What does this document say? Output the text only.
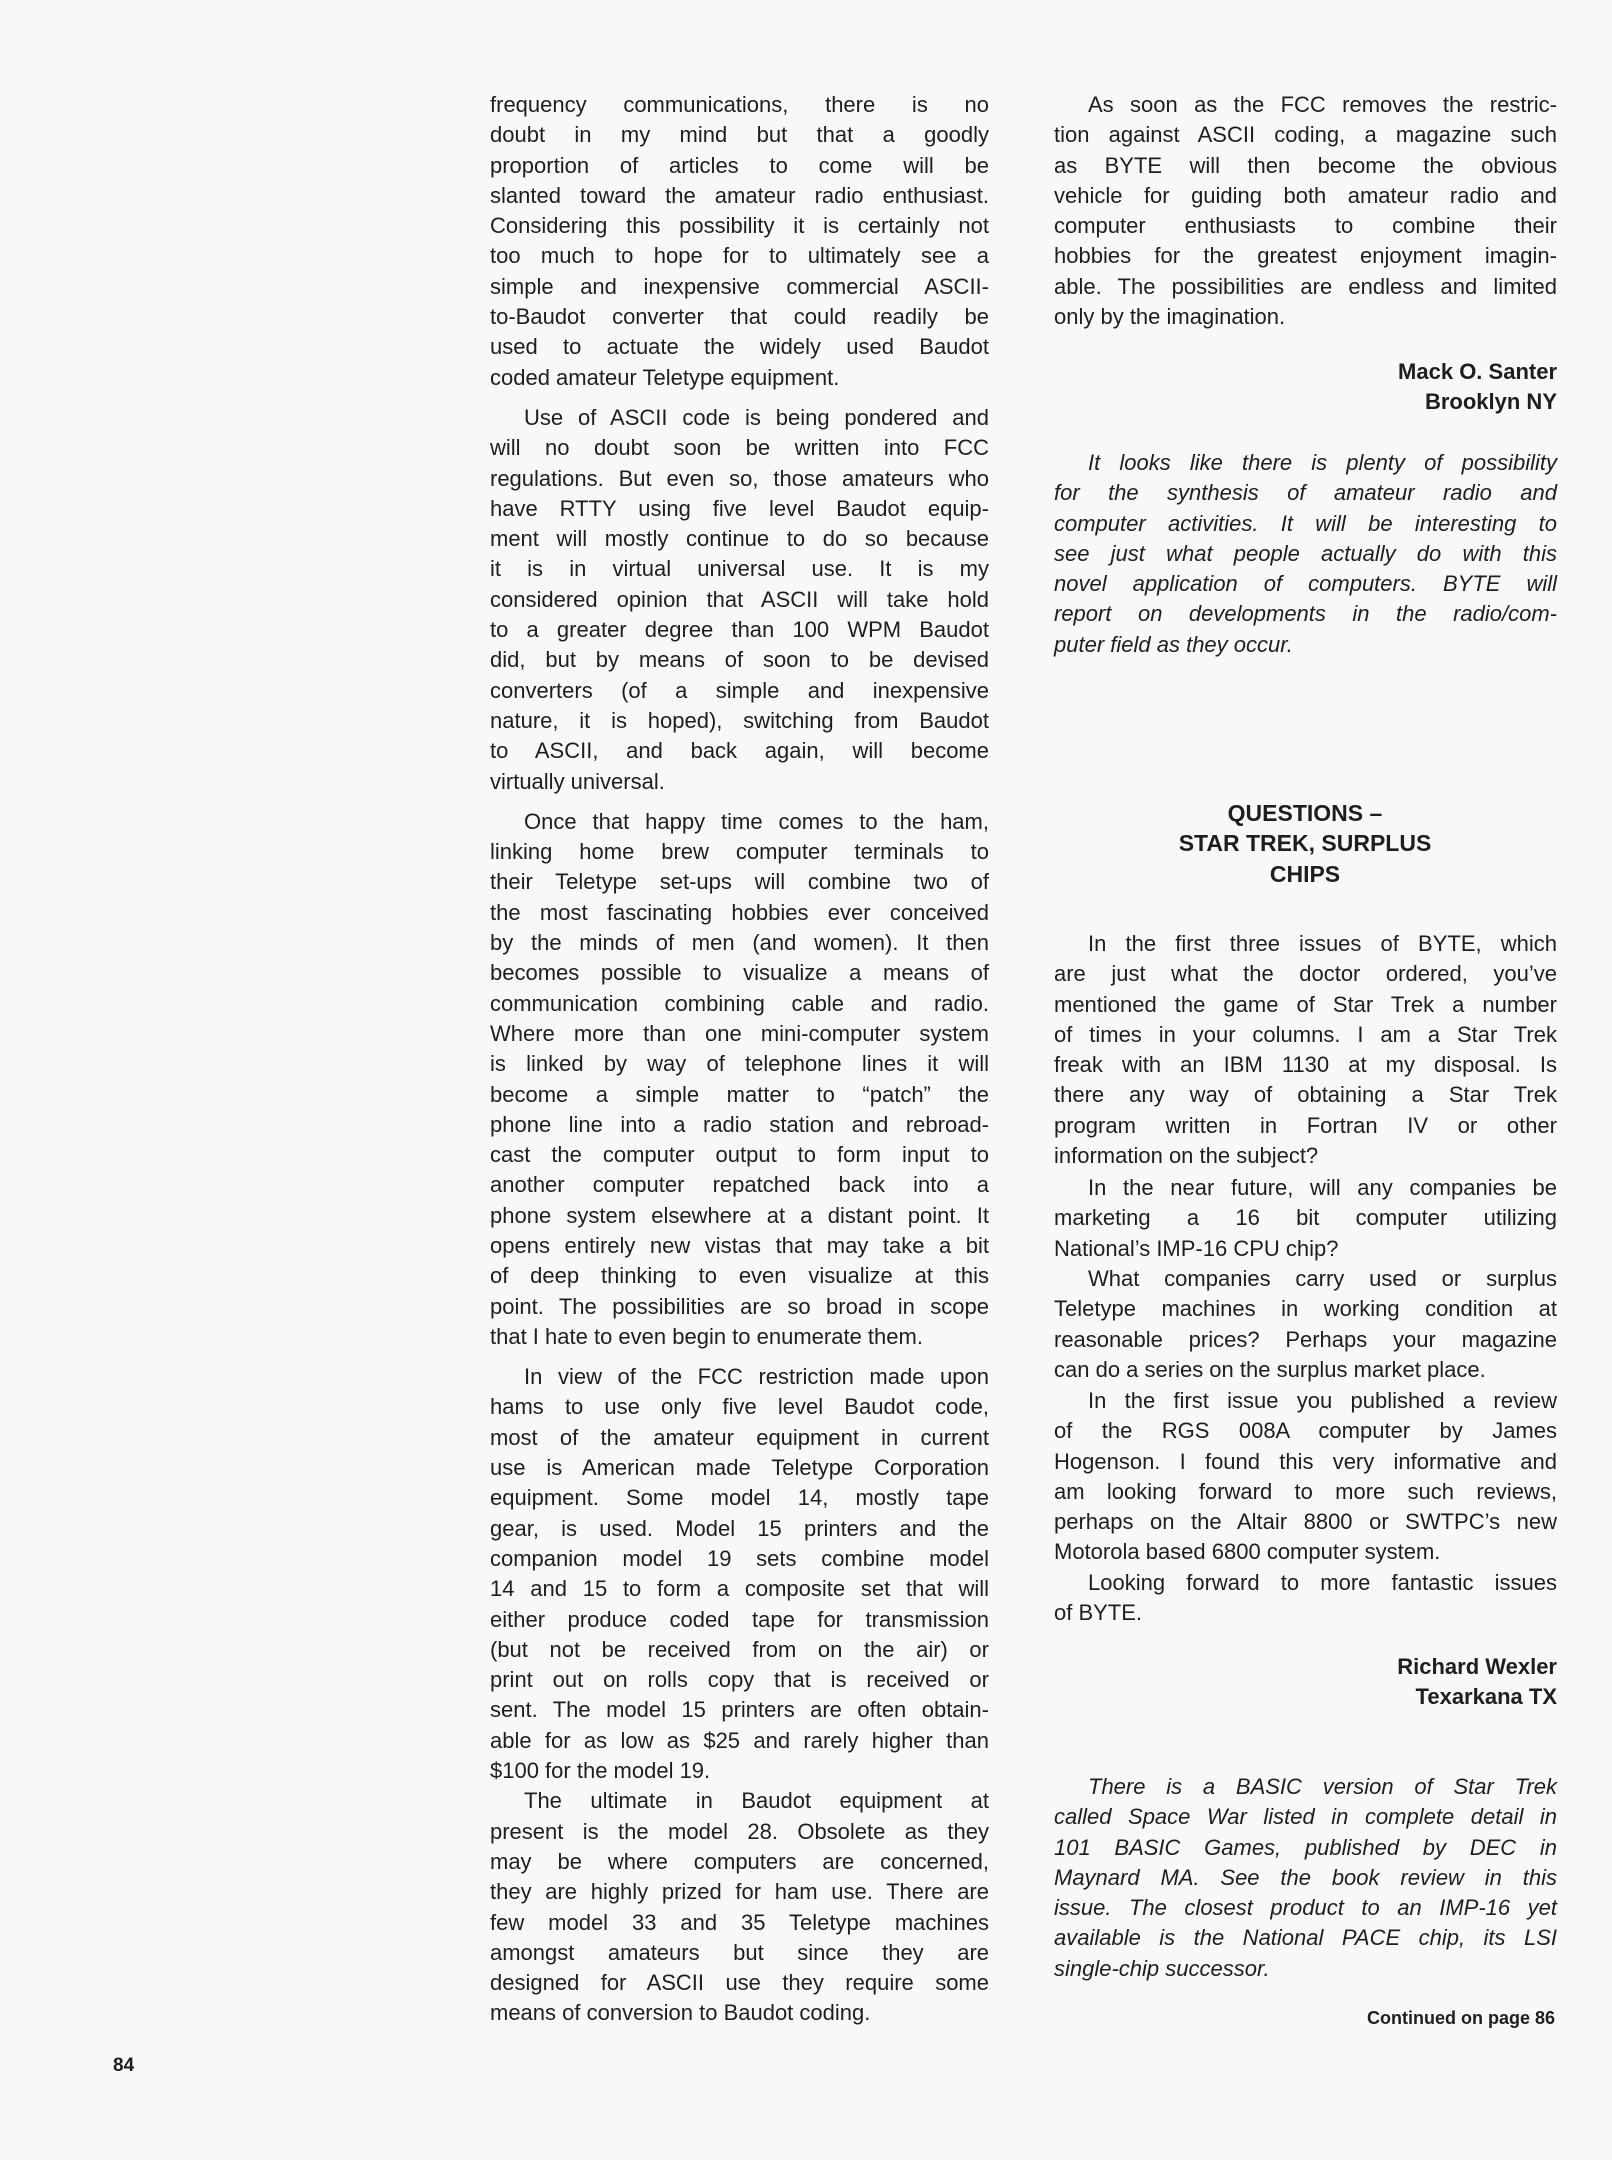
frequency communications, there is no
doubt in my mind but that a goodly
proportion of articles to come will be
slanted toward the amateur radio enthusiast.
Considering this possibility it is certainly not
too much to hope for to ultimately see a
simple and inexpensive commercial ASCII-
to-Baudot converter that could readily be
used to actuate the widely used Baudot
coded amateur Teletype equipment.
Use of ASCII code is being pondered and
will no doubt soon be written into FCC
regulations. But even so, those amateurs who
have RTTY using five level Baudot equip-
ment will mostly continue to do so because
it is in virtual universal use. It is my
considered opinion that ASCII will take hold
to a greater degree than 100 WPM Baudot
did, but by means of soon to be devised
converters (of a simple and inexpensive
nature, it is hoped), switching from Baudot
to ASCII, and back again, will become
virtually universal.
Once that happy time comes to the ham,
linking home brew computer terminals to
their Teletype set-ups will combine two of
the most fascinating hobbies ever conceived
by the minds of men (and women). It then
becomes possible to visualize a means of
communication combining cable and radio.
Where more than one mini-computer system
is linked by way of telephone lines it will
become a simple matter to “patch” the
phone line into a radio station and rebroad-
cast the computer output to form input to
another computer repatched back into a
phone system elsewhere at a distant point. It
opens entirely new vistas that may take a bit
of deep thinking to even visualize at this
point. The possibilities are so broad in scope
that I hate to even begin to enumerate them.
In view of the FCC restriction made upon
hams to use only five level Baudot code,
most of the amateur equipment in current
use is American made Teletype Corporation
equipment. Some model 14, mostly tape
gear, is used. Model 15 printers and the
companion model 19 sets combine model
14 and 15 to form a composite set that will
either produce coded tape for transmission
(but not be received from on the air) or
print out on rolls copy that is received or
sent. The model 15 printers are often obtain-
able for as low as $25 and rarely higher than
$100 for the model 19.
The ultimate in Baudot equipment at
present is the model 28. Obsolete as they
may be where computers are concerned,
they are highly prized for ham use. There are
few model 33 and 35 Teletype machines
amongst amateurs but since they are
designed for ASCII use they require some
means of conversion to Baudot coding.
As soon as the FCC removes the restric-
tion against ASCII coding, a magazine such
as BYTE will then become the obvious
vehicle for guiding both amateur radio and
computer enthusiasts to combine their
hobbies for the greatest enjoyment imagin-
able. The possibilities are endless and limited
only by the imagination.
Mack O. Santer
Brooklyn NY
It looks like there is plenty of possibility
for the synthesis of amateur radio and
computer activities. It will be interesting to
see just what people actually do with this
novel application of computers. BYTE will
report on developments in the radio/com-
puter field as they occur.
QUESTIONS –
STAR TREK, SURPLUS
CHIPS
In the first three issues of BYTE, which
are just what the doctor ordered, you’ve
mentioned the game of Star Trek a number
of times in your columns. I am a Star Trek
freak with an IBM 1130 at my disposal. Is
there any way of obtaining a Star Trek
program written in Fortran IV or other
information on the subject?
In the near future, will any companies be
marketing a 16 bit computer utilizing
National’s IMP-16 CPU chip?
What companies carry used or surplus
Teletype machines in working condition at
reasonable prices? Perhaps your magazine
can do a series on the surplus market place.
In the first issue you published a review
of the RGS 008A computer by James
Hogenson. I found this very informative and
am looking forward to more such reviews,
perhaps on the Altair 8800 or SWTPC’s new
Motorola based 6800 computer system.
Looking forward to more fantastic issues
of BYTE.
Richard Wexler
Texarkana TX
There is a BASIC version of Star Trek
called Space War listed in complete detail in
101 BASIC Games, published by DEC in
Maynard MA. See the book review in this
issue. The closest product to an IMP-16 yet
available is the National PACE chip, its LSI
single-chip successor.
Continued on page 86
84
